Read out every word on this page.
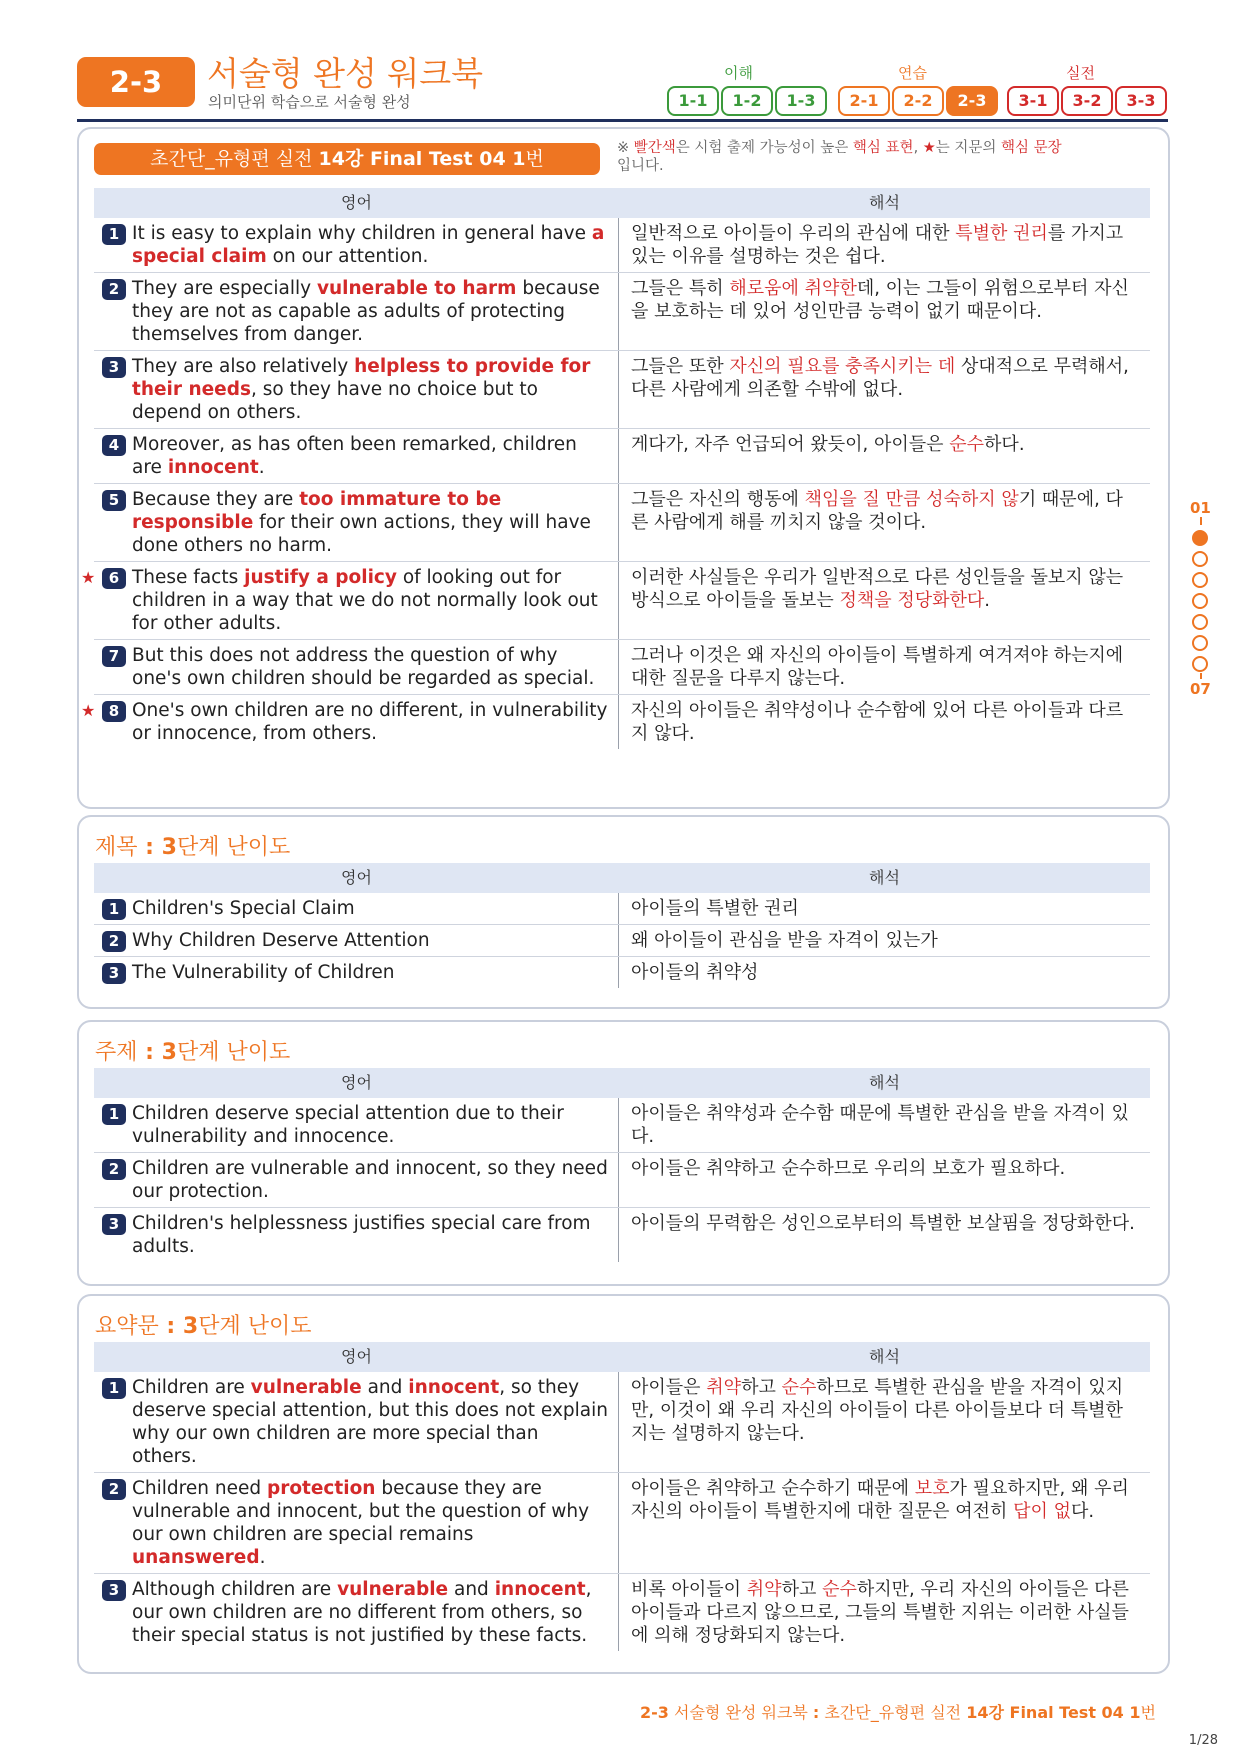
2-3	서술형 완성 워크북
의미단위 학습으로 서술형 완성
이해	연습	실전
1-1	1-2	1-3	2-1	2-2	2-3	3-1	3-2	3-3
01
07
초간단_유형편 실전 14강 Final Test 04 1번	※ 빨간색은 시험 출제 가능성이 높은 핵심 표현, ★는 지문의 핵심 문장
입니다.
영어	해석
1 It is easy to explain why children in general have a special claim on our attention.
일반적으로 아이들이 우리의 관심에 대한 특별한 권리를 가지고 있는 이유를 설명하는 것은 쉽다.
2 They are especially vulnerable to harm because they are not as capable as adults of protecting themselves from danger.
그들은 특히 해로움에 취약한데, 이는 그들이 위험으로부터 자신을 보호하는 데 있어 성인만큼 능력이 없기 때문이다.
3 They are also relatively helpless to provide for their needs, so they have no choice but to depend on others.
그들은 또한 자신의 필요를 충족시키는 데 상대적으로 무력해서, 다른 사람에게 의존할 수밖에 없다.
4 Moreover, as has often been remarked, children are innocent.
게다가, 자주 언급되어 왔듯이, 아이들은 순수하다.
5 Because they are too immature to be responsible for their own actions, they will have done others no harm.
그들은 자신의 행동에 책임을 질 만큼 성숙하지 않기 때문에, 다른 사람에게 해를 끼치지 않을 것이다.
★ 6 These facts justify a policy of looking out for children in a way that we do not normally look out for other adults.
이러한 사실들은 우리가 일반적으로 다른 성인들을 돌보지 않는 방식으로 아이들을 돌보는 정책을 정당화한다.
7 But this does not address the question of why one's own children should be regarded as special.
그러나 이것은 왜 자신의 아이들이 특별하게 여겨져야 하는지에 대한 질문을 다루지 않는다.
★ 8 One's own children are no different, in vulnerability or innocence, from others.
자신의 아이들은 취약성이나 순수함에 있어 다른 아이들과 다르지 않다.
제목 : 3단계 난이도
영어	해석
1 Children's Special Claim	아이들의 특별한 권리
2 Why Children Deserve Attention	왜 아이들이 관심을 받을 자격이 있는가
3 The Vulnerability of Children	아이들의 취약성
주제 : 3단계 난이도
영어	해석
1 Children deserve special attention due to their vulnerability and innocence.
아이들은 취약성과 순수함 때문에 특별한 관심을 받을 자격이 있다.
2 Children are vulnerable and innocent, so they need our protection.
아이들은 취약하고 순수하므로 우리의 보호가 필요하다.
3 Children's helplessness justifies special care from adults.
아이들의 무력함은 성인으로부터의 특별한 보살핌을 정당화한다.
요약문 : 3단계 난이도
영어	해석
1 Children are vulnerable and innocent, so they deserve special attention, but this does not explain why our own children are more special than others.
아이들은 취약하고 순수하므로 특별한 관심을 받을 자격이 있지만, 이것이 왜 우리 자신의 아이들이 다른 아이들보다 더 특별한지는 설명하지 않는다.
2 Children need protection because they are vulnerable and innocent, but the question of why our own children are special remains unanswered.
아이들은 취약하고 순수하기 때문에 보호가 필요하지만, 왜 우리 자신의 아이들이 특별한지에 대한 질문은 여전히 답이 없다.
3 Although children are vulnerable and innocent, our own children are no different from others, so their special status is not justified by these facts.
비록 아이들이 취약하고 순수하지만, 우리 자신의 아이들은 다른 아이들과 다르지 않으므로, 그들의 특별한 지위는 이러한 사실들에 의해 정당화되지 않는다.
2-3 서술형 완성 워크북 : 초간단_유형편 실전 14강 Final Test 04 1번
1/28
